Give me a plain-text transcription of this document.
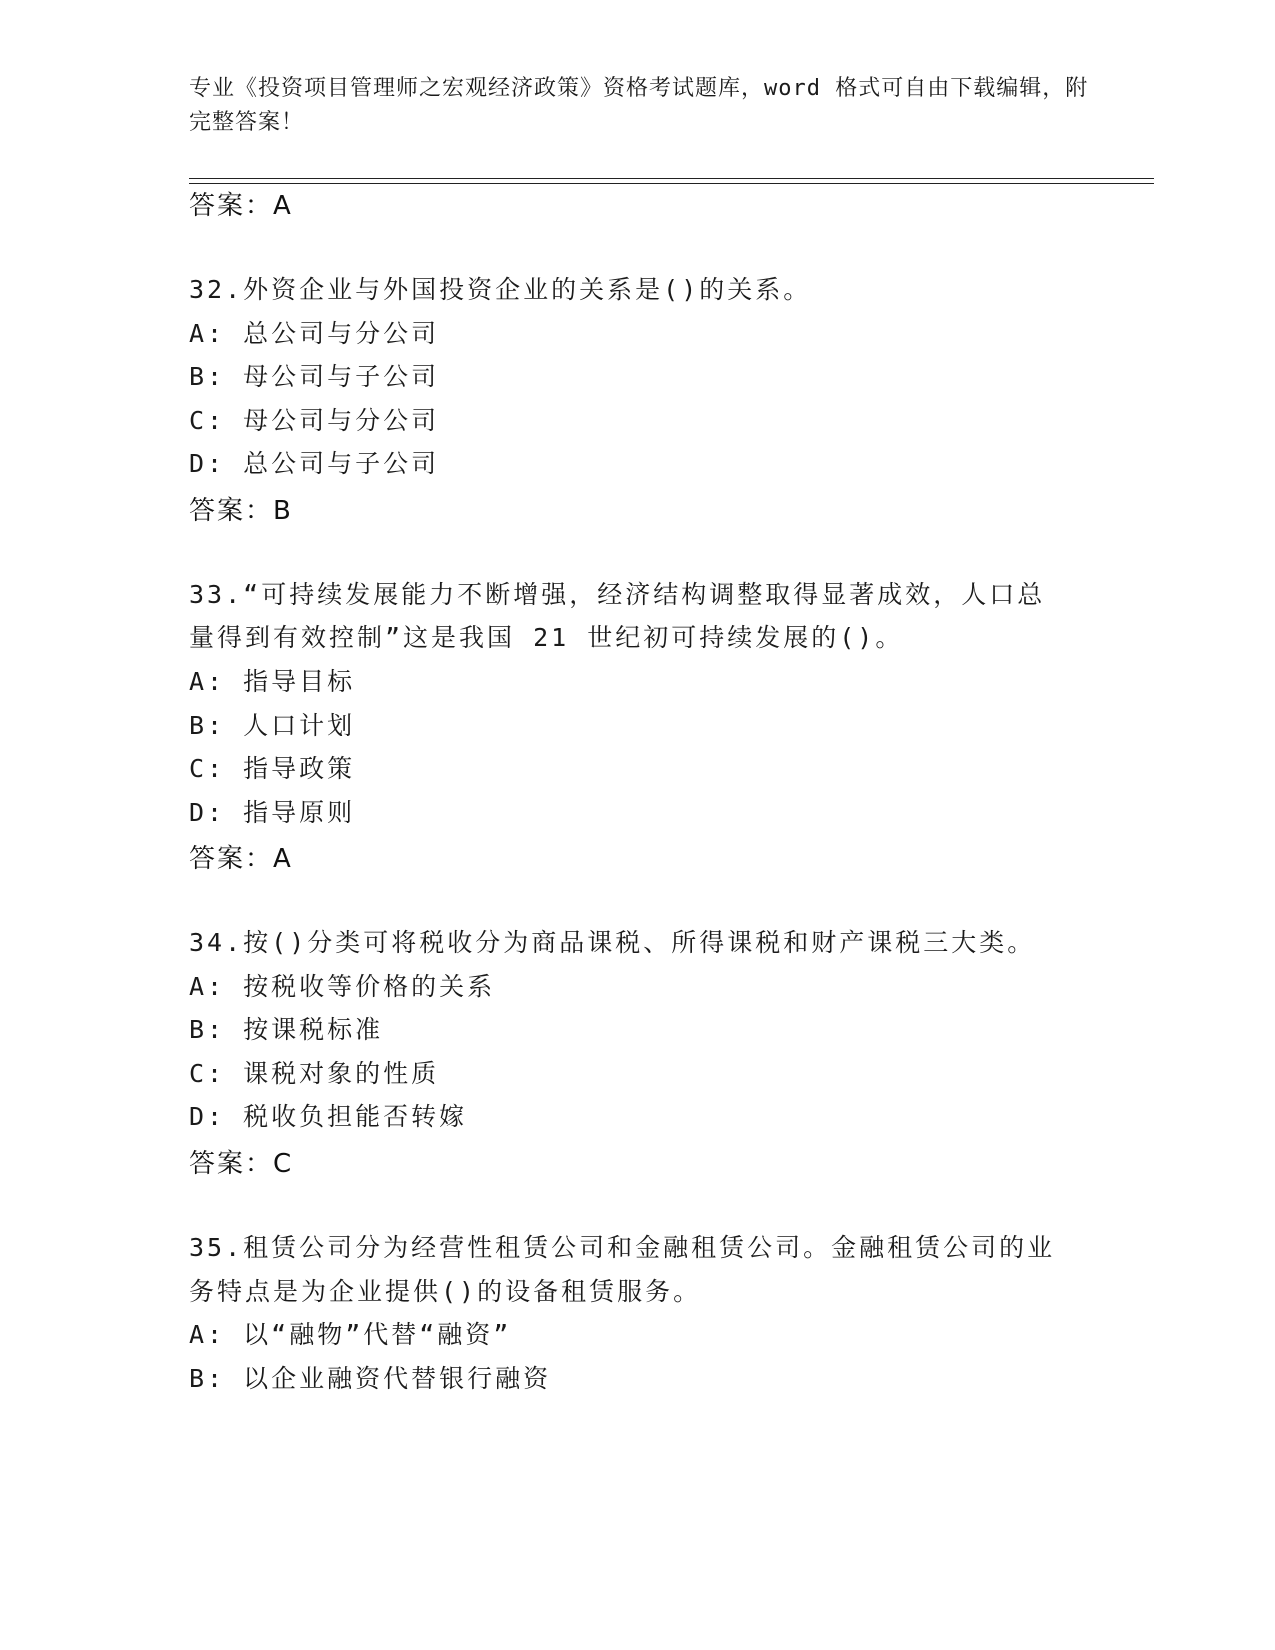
专业《投资项目管理师之宏观经济政策》资格考试题库，word 格式可自由下载编辑，附完整答案！
答案：A
32.外资企业与外国投资企业的关系是()的关系。
A: 总公司与分公司
B: 母公司与子公司
C: 母公司与分公司
D: 总公司与子公司
答案：B
33.“可持续发展能力不断增强，经济结构调整取得显著成效，人口总
量得到有效控制”这是我国 21 世纪初可持续发展的()。
A: 指导目标
B: 人口计划
C: 指导政策
D: 指导原则
答案：A
34.按()分类可将税收分为商品课税、所得课税和财产课税三大类。
A: 按税收等价格的关系
B: 按课税标准
C: 课税对象的性质
D: 税收负担能否转嫁
答案：C
35.租赁公司分为经营性租赁公司和金融租赁公司。金融租赁公司的业
务特点是为企业提供()的设备租赁服务。
A: 以“融物”代替“融资”
B: 以企业融资代替银行融资
